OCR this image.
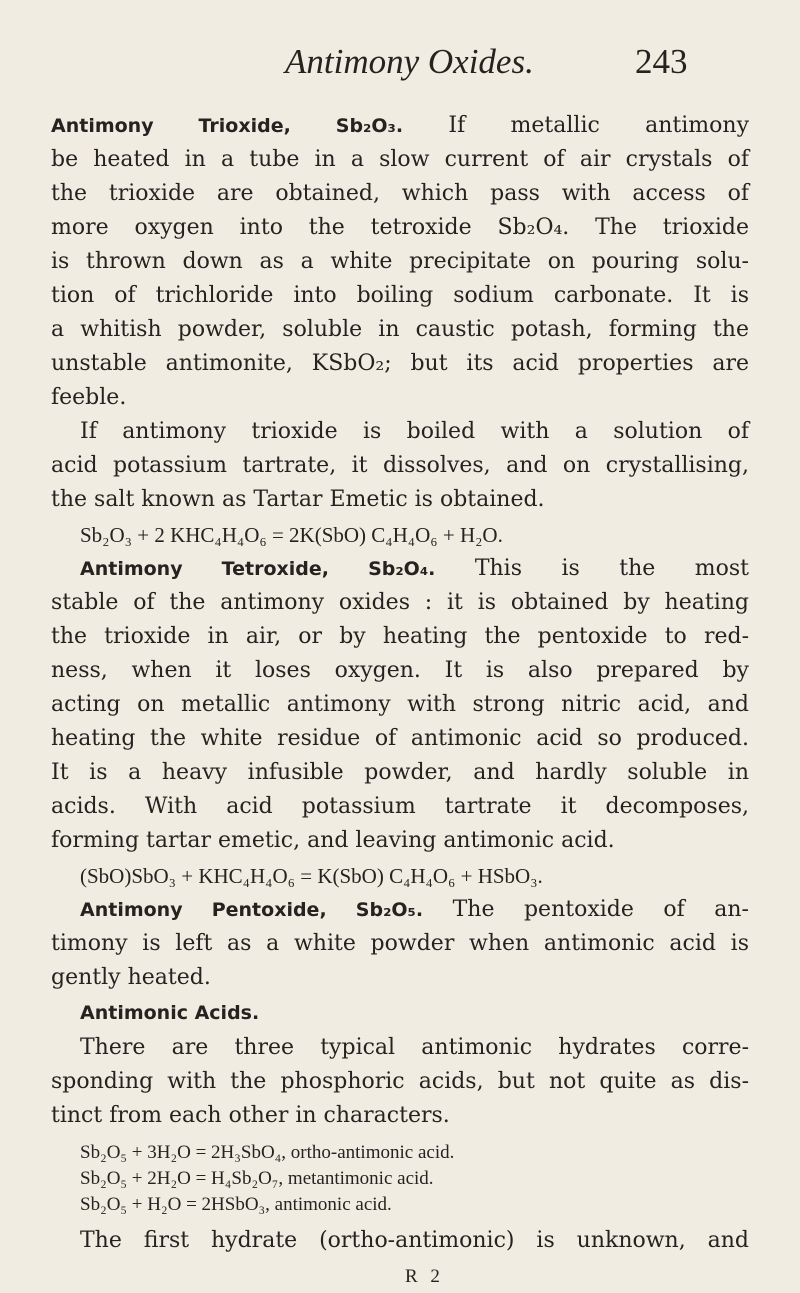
Antimony Oxides.	243
Antimony Trioxide, Sb₂O₃. If metallic antimony
be heated in a tube in a slow current of air crystals of
the trioxide are obtained, which pass with access of
more oxygen into the tetroxide Sb₂O₄. The trioxide
is thrown down as a white precipitate on pouring solu-
tion of trichloride into boiling sodium carbonate. It is
a whitish powder, soluble in caustic potash, forming the
unstable antimonite, KSbO₂; but its acid properties are
feeble.
If antimony trioxide is boiled with a solution of
acid potassium tartrate, it dissolves, and on crystallising,
the salt known as Tartar Emetic is obtained.
Sb₂O₃ + 2 KHC₄H₄O₆ = 2K(SbO) C₄H₄O₆ + H₂O.
Antimony Tetroxide, Sb₂O₄. This is the most
stable of the antimony oxides : it is obtained by heating
the trioxide in air, or by heating the pentoxide to red-
ness, when it loses oxygen. It is also prepared by
acting on metallic antimony with strong nitric acid, and
heating the white residue of antimonic acid so produced.
It is a heavy infusible powder, and hardly soluble in
acids. With acid potassium tartrate it decomposes,
forming tartar emetic, and leaving antimonic acid.
(SbO)SbO₃ + KHC₄H₄O₆ = K(SbO) C₄H₄O₆ + HSbO₃.
Antimony Pentoxide, Sb₂O₅. The pentoxide of an-
timony is left as a white powder when antimonic acid is
gently heated.
Antimonic Acids.
There are three typical antimonic hydrates corre-
sponding with the phosphoric acids, but not quite as dis-
tinct from each other in characters.
Sb₂O₅ + 3H₂O = 2H₃SbO₄, ortho-antimonic acid.
Sb₂O₅ + 2H₂O = H₄Sb₂O₇, metantimonic acid.
Sb₂O₅ + H₂O = 2HSbO₃, antimonic acid.
The first hydrate (ortho-antimonic) is unknown, and
R 2
